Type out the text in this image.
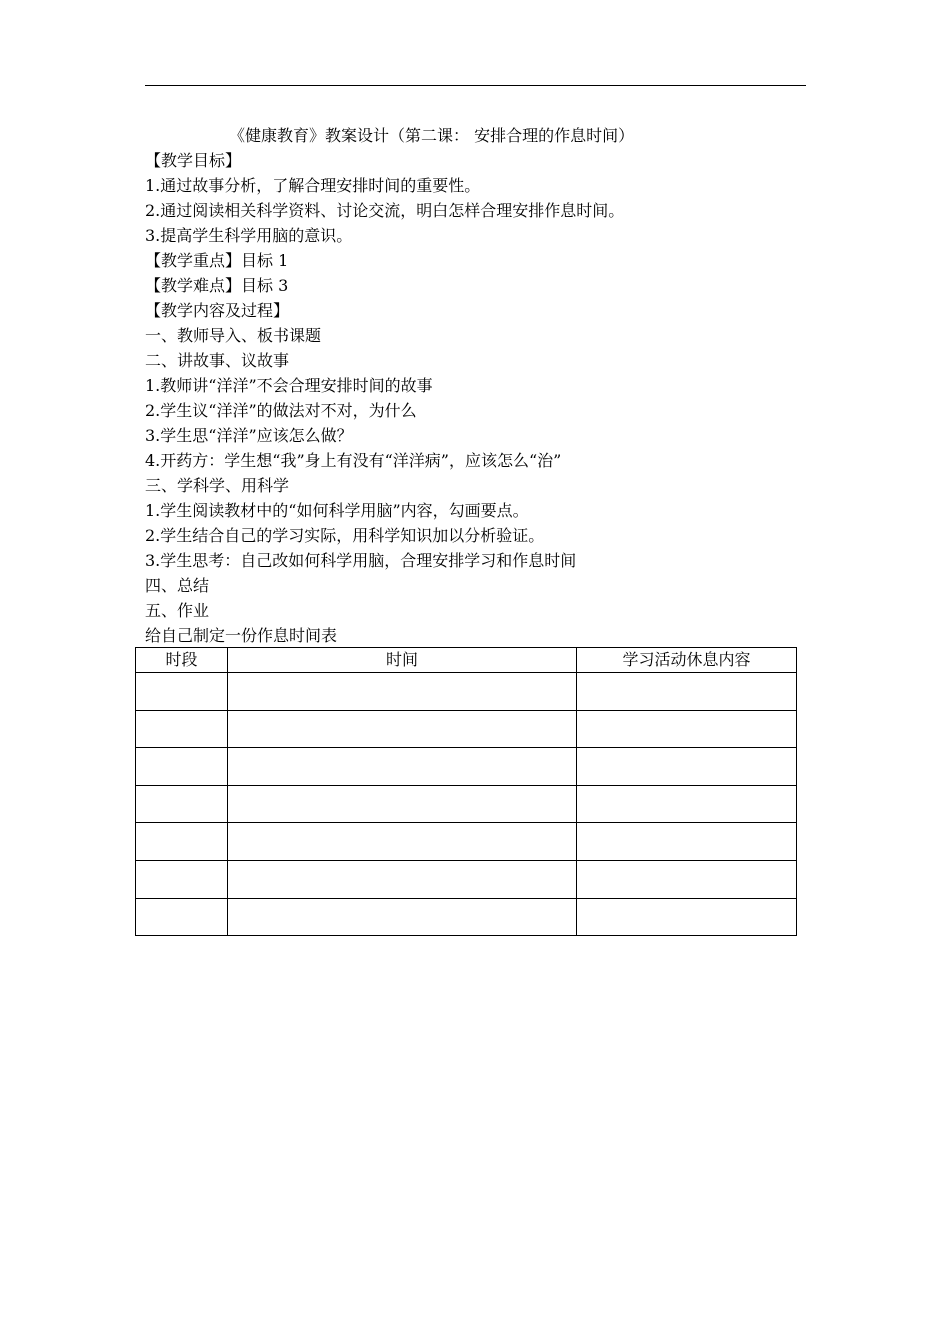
《健康教育》教案设计（第二课： 安排合理的作息时间）
【教学目标】
1.通过故事分析，了解合理安排时间的重要性。
2.通过阅读相关科学资料、讨论交流，明白怎样合理安排作息时间。
3.提高学生科学用脑的意识。
【教学重点】目标 1
【教学难点】目标 3
【教学内容及过程】
一、教师导入、板书课题
二、讲故事、议故事
1.教师讲“洋洋”不会合理安排时间的故事
2.学生议“洋洋”的做法对不对，为什么
3.学生思“洋洋”应该怎么做？
4.开药方：学生想“我”身上有没有“洋洋病”，应该怎么“治”
三、学科学、用科学
1.学生阅读教材中的“如何科学用脑”内容，勾画要点。
2.学生结合自己的学习实际，用科学知识加以分析验证。
3.学生思考：自己改如何科学用脑，合理安排学习和作息时间
四、总结
五、作业
给自己制定一份作息时间表
时段	时间	学习活动休息内容
